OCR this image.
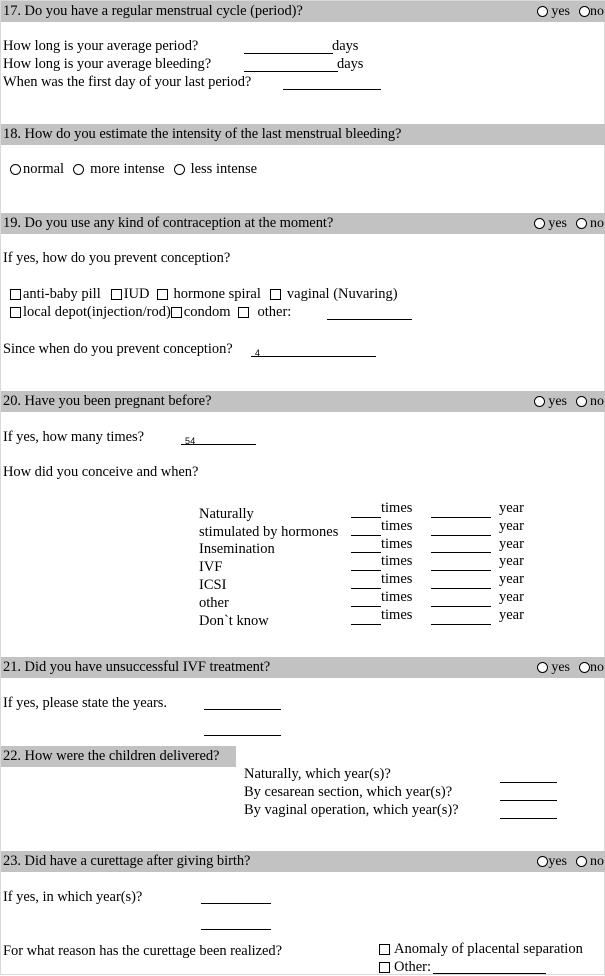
17. Do you have a regular menstrual cycle (period)?	yes no
How long is your average period?	days
How long is your average bleeding?	days
When was the first day of your last period?
18. How do you estimate the intensity of the last menstrual bleeding?
normal more intense less intense
19. Do you use any kind of contraception at the moment?	yes no
If yes, how do you prevent conception?
anti-baby pill IUD hormone spiral vaginal (Nuvaring)
local depot(injection/rod) condom other:
Since when do you prevent conception? 4
20. Have you been pregnant before?	yes no
If yes, how many times?	54
How did you conceive and when?
Naturally	times	year
stimulated by hormones	times	year
Insemination	times	year
IVF	times	year
ICSI	times	year
other	times	year
Don`t know	times	year
21. Did you have unsuccessful IVF treatment?	yes no
If yes, please state the years.
22. How were the children delivered?
Naturally, which year(s)?
By cesarean section, which year(s)?
By vaginal operation, which year(s)?
23. Did have a curettage after giving birth?	yes no
If yes, in which year(s)?
For what reason has the curettage been realized?	Anomaly of placental separation
Other:
